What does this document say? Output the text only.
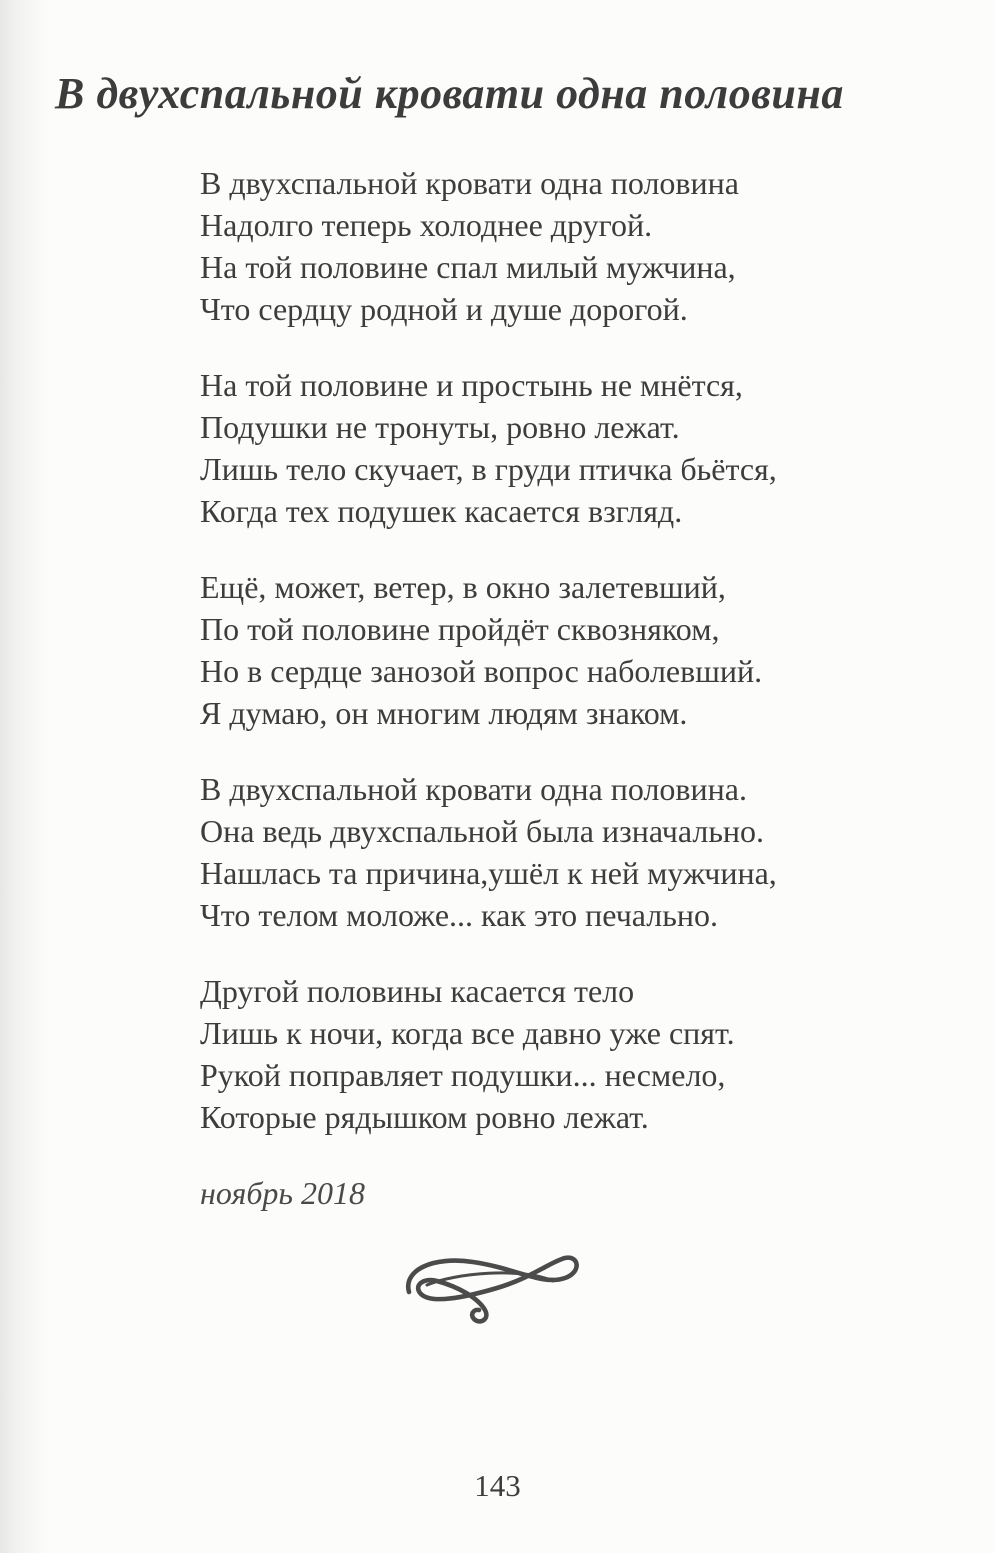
В двухспальной кровати одна половина
В двухспальной кровати одна половина
Надолго теперь холоднее другой.
На той половине спал милый мужчина,
Что сердцу родной и душе дорогой.
На той половине и простынь не мнётся,
Подушки не тронуты, ровно лежат.
Лишь тело скучает, в груди птичка бьётся,
Когда тех подушек касается взгляд.
Ещё, может, ветер, в окно залетевший,
По той половине пройдёт сквозняком,
Но в сердце занозой вопрос наболевший.
Я думаю, он многим людям знаком.
В двухспальной кровати одна половина.
Она ведь двухспальной была изначально.
Нашлась та причина,ушёл к ней мужчина,
Что телом моложе... как это печально.
Другой половины касается тело
Лишь к ночи, когда все давно уже спят.
Рукой поправляет подушки... несмело,
Которые рядышком ровно лежат.
ноябрь 2018
143
